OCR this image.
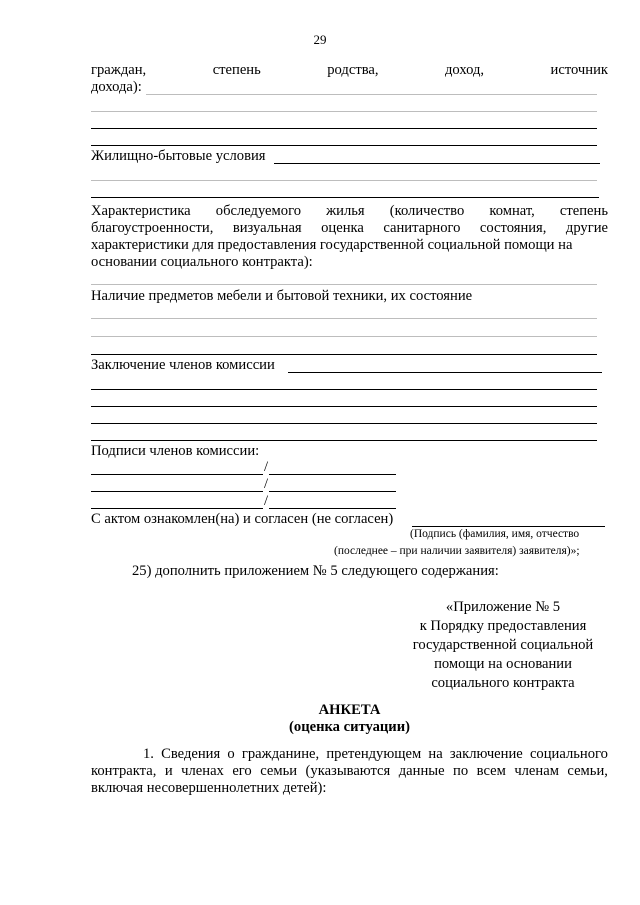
29
граждан,	степень	родства,	доход,	источник
дохода):
Жилищно-бытовые условия
Характеристика обследуемого жилья (количество комнат, степень
благоустроенности, визуальная оценка санитарного состояния, другие
характеристики для предоставления государственной социальной помощи на
основании социального контракта):
Наличие предметов мебели и бытовой техники, их состояние
Заключение членов комиссии
Подписи членов комиссии:
/
/
/
С актом ознакомлен(на) и согласен (не согласен)
(Подпись (фамилия, имя, отчество
(последнее – при наличии заявителя) заявителя)»;
25) дополнить приложением № 5 следующего содержания:
«Приложение № 5
к Порядку предоставления
государственной социальной
помощи на основании
социального контракта
АНКЕТА
(оценка ситуации)
1. Сведения о гражданине, претендующем на заключение социального
контракта, и членах его семьи (указываются данные по всем членам семьи,
включая несовершеннолетних детей):
